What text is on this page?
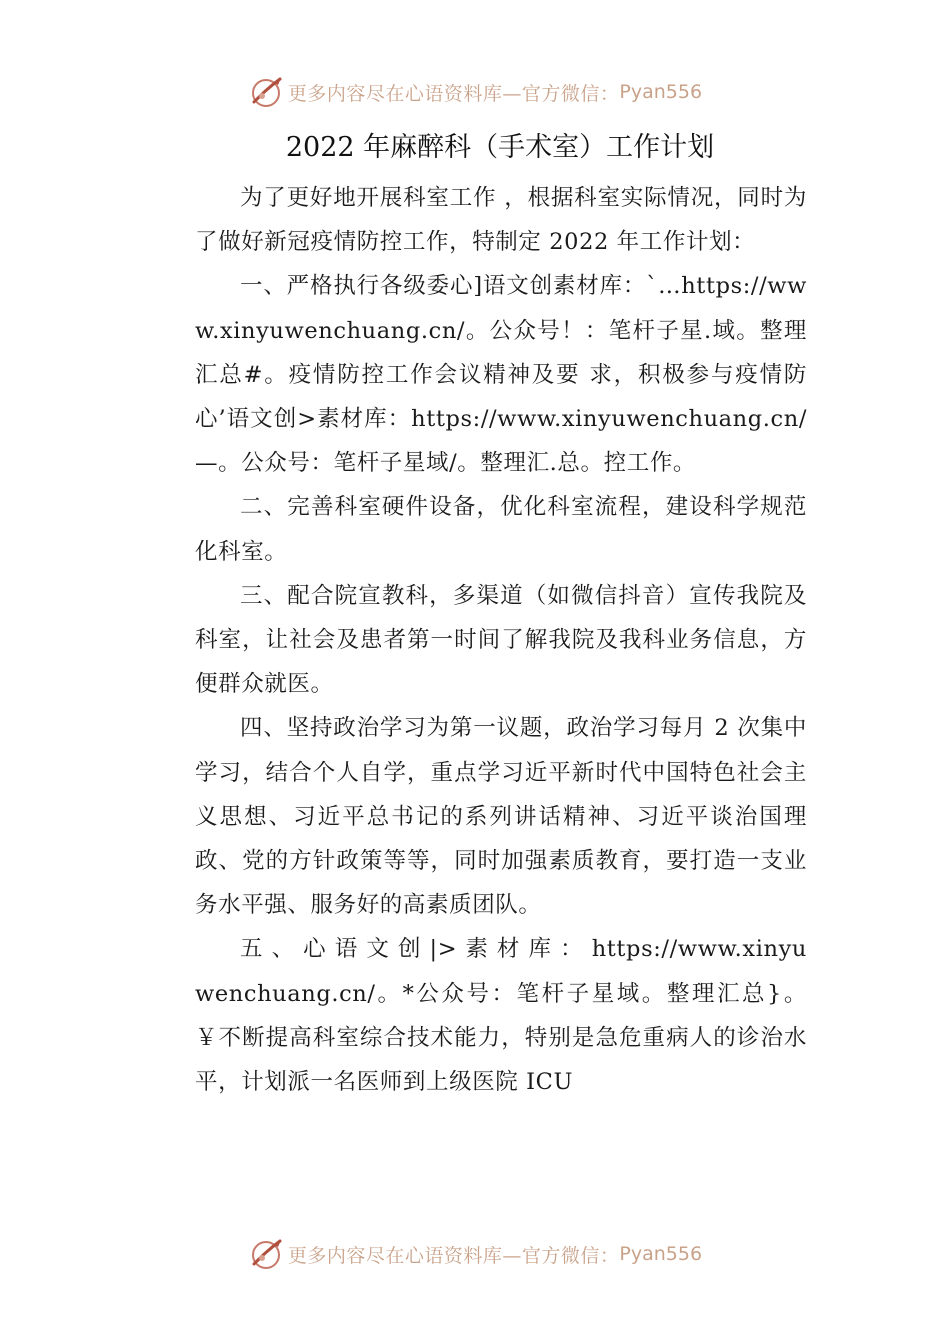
更多内容尽在心语资料库—官方微信： Pyan556
2022 年麻醉科（手术室）工作计划

为了更好地开展科室工作 ，根据科室实际情况，同时为了做好新冠疫情防控工作，特制定 2022 年工作计划：

一、严格执行各级委心]语文创素材库：`…https://www.xinyuwenchuang.cn/。公众号！：笔杆子星.域。整理汇总#。疫情防控工作会议精神及要 求，积极参与疫情防心’语文创>素材库：https://www.xinyuwenchuang.cn/—。公众号：笔杆子星域/。整理汇.总。控工作。

二、完善科室硬件设备，优化科室流程，建设科学规范化科室。

三、配合院宣教科，多渠道（如微信抖音）宣传我院及科室，让社会及患者第一时间了解我院及我科业务信息，方便群众就医。

四、坚持政治学习为第一议题，政治学习每月 2 次集中学习，结合个人自学，重点学习近平新时代中国特色社会主义思想、习近平总书记的系列讲话精神、习近平谈治国理政、党的方针政策等等，同时加强素质教育，要打造一支业务水平强、服务好的高素质团队。

五 、 心 语 文 创 |> 素 材 库 ： https://www.xinyuwenchuang.cn/。*公众号：笔杆子星域。整理汇总}。￥不断提高科室综合技术能力，特别是急危重病人的诊治水平，计划派一名医师到上级医院 ICU

更多内容尽在心语资料库—官方微信： Pyan556
